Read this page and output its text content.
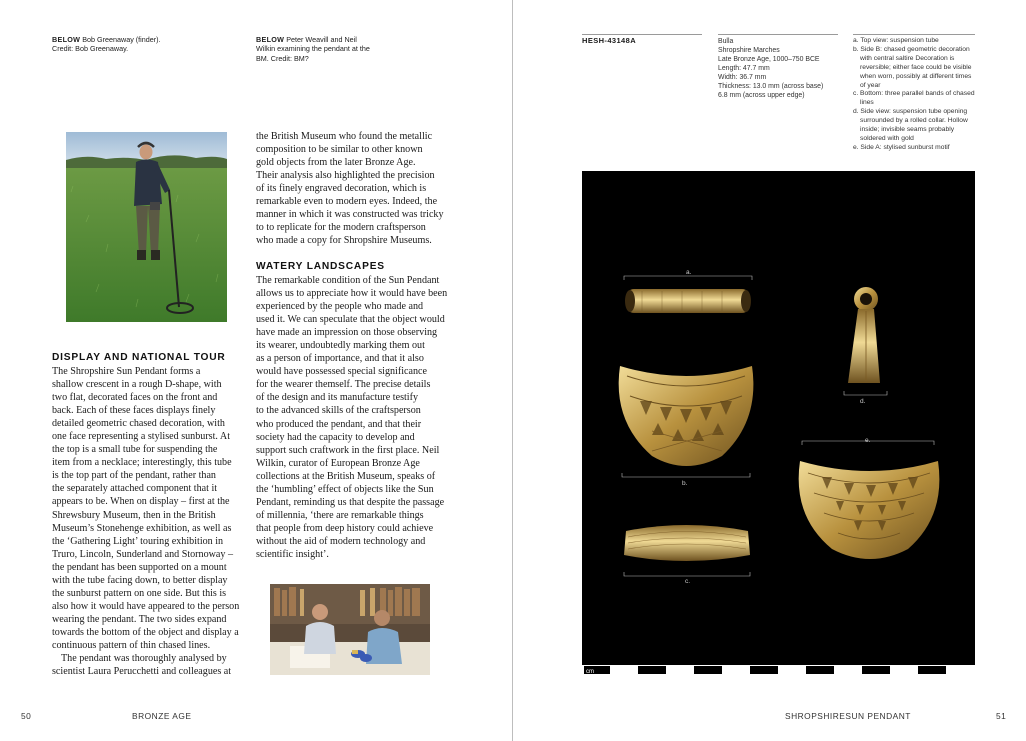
BELOW Bob Greenaway (finder).
Credit: Bob Greenaway.
BELOW Peter Weavill and Neil
Wilkin examining the pendant at the
BM. Credit: BM?
DISPLAY AND NATIONAL TOUR

The Shropshire Sun Pendant forms a

shallow crescent in a rough D-shape, with

two flat, decorated faces on the front and

back. Each of these faces displays finely

detailed geometric chased decoration, with

one face representing a stylised sunburst. At

the top is a small tube for suspending the

item from a necklace; interestingly, this tube

is the top part of the pendant, rather than

the separately attached component that it

appears to be. When on display – first at the

Shrewsbury Museum, then in the British

Museum’s Stonehenge exhibition, as well as

the ‘Gathering Light’ touring exhibition in

Truro, Lincoln, Sunderland and Stornoway –

the pendant has been supported on a mount

with the tube facing down, to better display

the sunburst pattern on one side. But this is

also how it would have appeared to the person

wearing the pendant. The two sides expand

towards the bottom of the object and display a

continuous pattern of thin chased lines.

The pendant was thoroughly analysed by

scientist Laura Perucchetti and colleagues at

the British Museum who found the metallic

composition to be similar to other known

gold objects from the later Bronze Age.

Their analysis also highlighted the precision

of its finely engraved decoration, which is

remarkable even to modern eyes. Indeed, the

manner in which it was constructed was tricky

to to replicate for the modern craftsperson

who made a copy for Shropshire Museums.

WATERY LANDSCAPES

The remarkable condition of the Sun Pendant

allows us to appreciate how it would have been

experienced by the people who made and

used it. We can speculate that the object would

have made an impression on those observing

its wearer, undoubtedly marking them out

as a person of importance, and that it also

would have possessed special significance

for the wearer themself. The precise details

of the design and its manufacture testify

to the advanced skills of the craftsperson

who produced the pendant, and that their

society had the capacity to develop and

support such craftwork in the first place. Neil

Wilkin, curator of European Bronze Age

collections at the British Museum, speaks of

the ‘humbling’ effect of objects like the Sun

Pendant, reminding us that despite the passage

of millennia, ‘there are remarkable things

that people from deep history could achieve

without the aid of modern technology and

scientific insight’.

50	BRONZE AGE
HESH-43148A	Bulla
Shropshire Marches
Late Bronze Age, 1000–750 BCE
Length: 47.7 mm
Width: 36.7 mm
Thickness: 13.0 mm (across base)
6.8 mm (across upper edge)
a. Top view: suspension tube
b. Side B: chased geometric decoration with central saltire Decoration is reversible; either face could be visible when worn, possibly at different times of year
c. Bottom: three parallel bands of chased lines
d. Side view: suspension tube opening surrounded by a rolled collar. Hollow inside; invisible seams probably soldered with gold
e. Side A: stylised sunburst motif
a.
b.
c.
d.
e.
cm
SHROPSHIRESUN PENDANT	51
